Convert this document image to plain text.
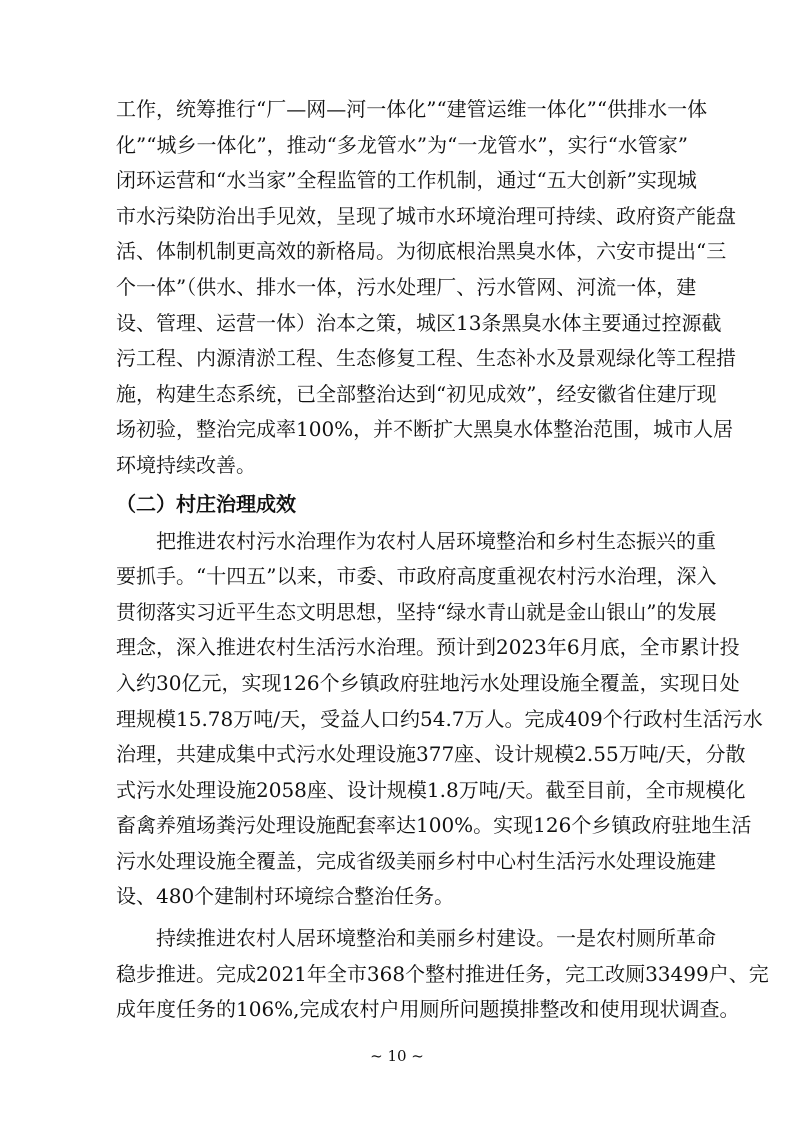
工作，统筹推行“厂—网—河一体化”“建管运维一体化”“供排水一体
化”“城乡一体化”，推动“多龙管水”为“一龙管水”，实行“水管家”
闭环运营和“水当家”全程监管的工作机制，通过“五大创新”实现城
市水污染防治出手见效，呈现了城市水环境治理可持续、政府资产能盘
活、体制机制更高效的新格局。为彻底根治黑臭水体，六安市提出“三
个一体”（供水、排水一体，污水处理厂、污水管网、河流一体，建
设、管理、运营一体）治本之策，城区13条黑臭水体主要通过控源截
污工程、内源清淤工程、生态修复工程、生态补水及景观绿化等工程措
施，构建生态系统，已全部整治达到“初见成效”，经安徽省住建厅现
场初验，整治完成率100%，并不断扩大黑臭水体整治范围，城市人居
环境持续改善。
（二）村庄治理成效
把推进农村污水治理作为农村人居环境整治和乡村生态振兴的重
要抓手。“十四五”以来，市委、市政府高度重视农村污水治理，深入
贯彻落实习近平生态文明思想，坚持“绿水青山就是金山银山”的发展
理念，深入推进农村生活污水治理。预计到2023年6月底，全市累计投
入约30亿元，实现126个乡镇政府驻地污水处理设施全覆盖，实现日处
理规模15.78万吨/天，受益人口约54.7万人。完成409个行政村生活污水
治理，共建成集中式污水处理设施377座、设计规模2.55万吨/天，分散
式污水处理设施2058座、设计规模1.8万吨/天。截至目前，全市规模化
畜禽养殖场粪污处理设施配套率达100%。实现126个乡镇政府驻地生活
污水处理设施全覆盖，完成省级美丽乡村中心村生活污水处理设施建
设、480个建制村环境综合整治任务。
持续推进农村人居环境整治和美丽乡村建设。一是农村厕所革命
稳步推进。完成2021年全市368个整村推进任务，完工改厕33499户、完
成年度任务的106%,完成农村户用厕所问题摸排整改和使用现状调查。
~ 10 ~
